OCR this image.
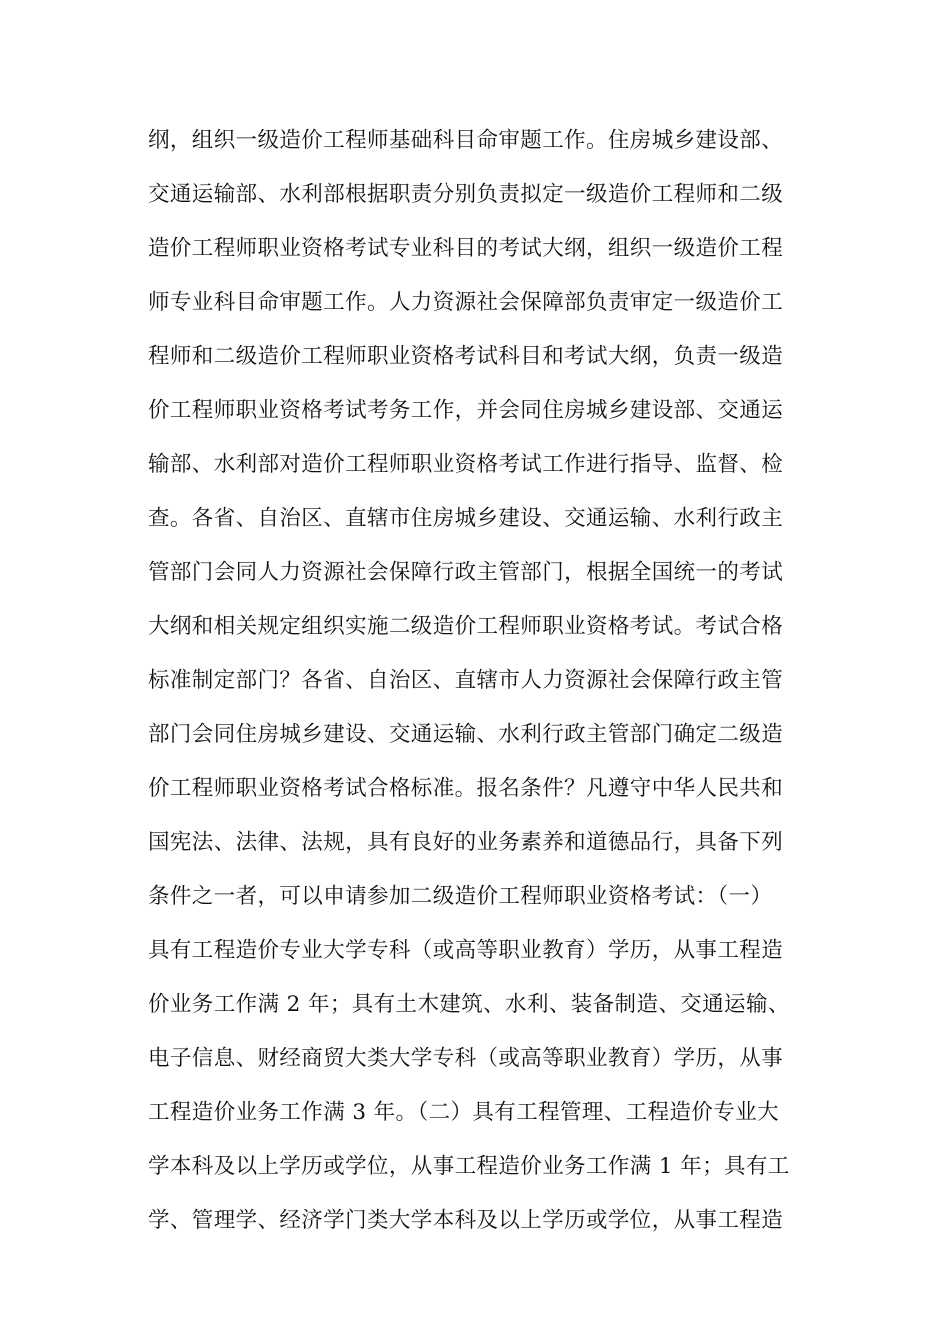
纲，组织一级造价工程师基础科目命审题工作。住房城乡建设部、
交通运输部、水利部根据职责分别负责拟定一级造价工程师和二级
造价工程师职业资格考试专业科目的考试大纲，组织一级造价工程
师专业科目命审题工作。人力资源社会保障部负责审定一级造价工
程师和二级造价工程师职业资格考试科目和考试大纲，负责一级造
价工程师职业资格考试考务工作，并会同住房城乡建设部、交通运
输部、水利部对造价工程师职业资格考试工作进行指导、监督、检
查。各省、自治区、直辖市住房城乡建设、交通运输、水利行政主
管部门会同人力资源社会保障行政主管部门，根据全国统一的考试
大纲和相关规定组织实施二级造价工程师职业资格考试。考试合格
标准制定部门？各省、自治区、直辖市人力资源社会保障行政主管
部门会同住房城乡建设、交通运输、水利行政主管部门确定二级造
价工程师职业资格考试合格标准。报名条件？凡遵守中华人民共和
国宪法、法律、法规，具有良好的业务素养和道德品行，具备下列
条件之一者，可以申请参加二级造价工程师职业资格考试：（一）
具有工程造价专业大学专科（或高等职业教育）学历，从事工程造
价业务工作满 2 年；具有土木建筑、水利、装备制造、交通运输、
电子信息、财经商贸大类大学专科（或高等职业教育）学历，从事
工程造价业务工作满 3 年。（二）具有工程管理、工程造价专业大
学本科及以上学历或学位，从事工程造价业务工作满 1 年；具有工
学、管理学、经济学门类大学本科及以上学历或学位，从事工程造
